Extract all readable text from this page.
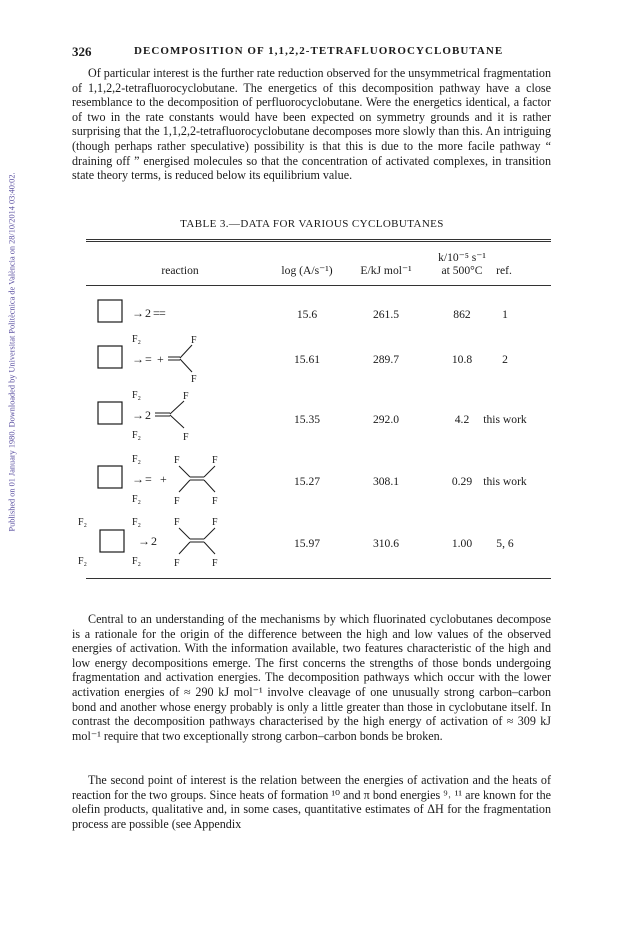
Published on 01 January 1980. Downloaded by Universitat Politècnica de València on 28/10/2014 03:40:02.
326	DECOMPOSITION OF 1,1,2,2-TETRAFLUOROCYCLOBUTANE

Of particular interest is the further rate reduction observed for the unsymmetrical fragmentation of 1,1,2,2-tetrafluorocyclobutane. The energetics of this decomposition pathway have a close resemblance to the decomposition of perfluorocyclobutane. Were the energetics identical, a factor of two in the rate constants would have been expected on symmetry grounds and it is rather surprising that the 1,1,2,2-tetrafluorocyclobutane decomposes more slowly than this. An intriguing (though perhaps rather speculative) possibility is that this is due to the more facile pathway “ draining off ” energised molecules so that the concentration of activated complexes, in transition state theory terms, is reduced below its equilibrium value.

TABLE 3.—DATA FOR VARIOUS CYCLOBUTANES
reaction	log (A/s⁻¹)	E/kJ mol⁻¹
k/10⁻⁵ s⁻¹
at 500°C	ref.
→ 2 = =	15.6	261.5	862	1
F₂
→ = +
F
F
15.61	289.7	10.8	2
F₂
F₂
→ 2
F
F
15.35	292.0	4.2	this work
F₂
F₂
→ = +
F	F
F	F
15.27	308.1	0.29 this work
F₂	F₂
F₂	F₂
→ 2
F	F
F	F
15.97	310.6	1.00	5, 6

Central to an understanding of the mechanisms by which fluorinated cyclobutanes decompose is a rationale for the origin of the difference between the high and low values of the observed energies of activation. With the information available, two features characteristic of the high and low energy decompositions emerge. The first concerns the strengths of those bonds undergoing fragmentation and activation energies. The decomposition pathways which occur with the lower activation energies of ≈ 290 kJ mol⁻¹ involve cleavage of one unusually strong carbon–carbon bond and another whose energy probably is only a little greater than those in cyclobutane itself. In contrast the decomposition pathways characterised by the high energy of activation of ≈ 309 kJ mol⁻¹ require that two exceptionally strong carbon–carbon bonds be broken.

The second point of interest is the relation between the energies of activation and the heats of reaction for the two groups. Since heats of formation ¹⁰ and π bond energies ⁹˒ ¹¹ are known for the olefin products, qualitative and, in some cases, quantitative estimates of ΔH for the fragmentation process are possible (see Appendix
